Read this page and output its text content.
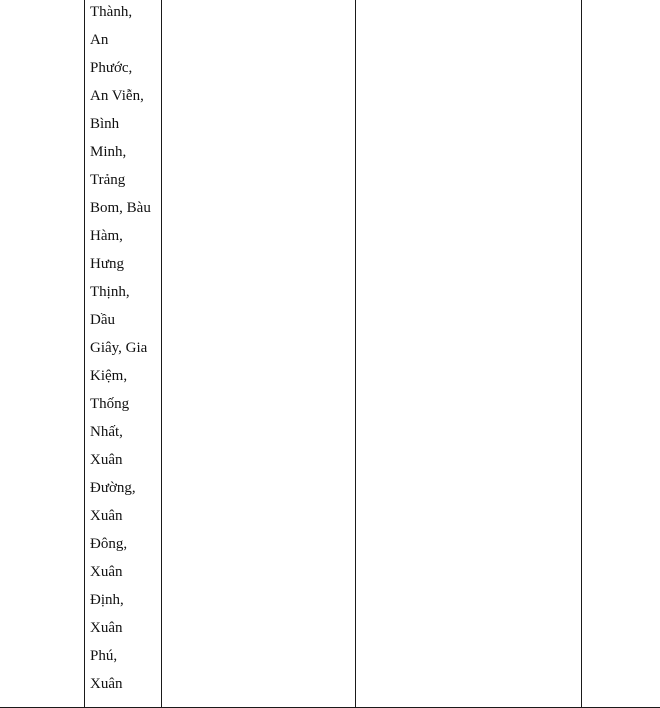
Thành,
An
Phước,
An Viễn,
Bình
Minh,
Trảng
Bom, Bàu
Hàm,
Hưng
Thịnh,
Dầu
Giây, Gia
Kiệm,
Thống
Nhất,
Xuân
Đường,
Xuân
Đông,
Xuân
Định,
Xuân
Phú,
Xuân
